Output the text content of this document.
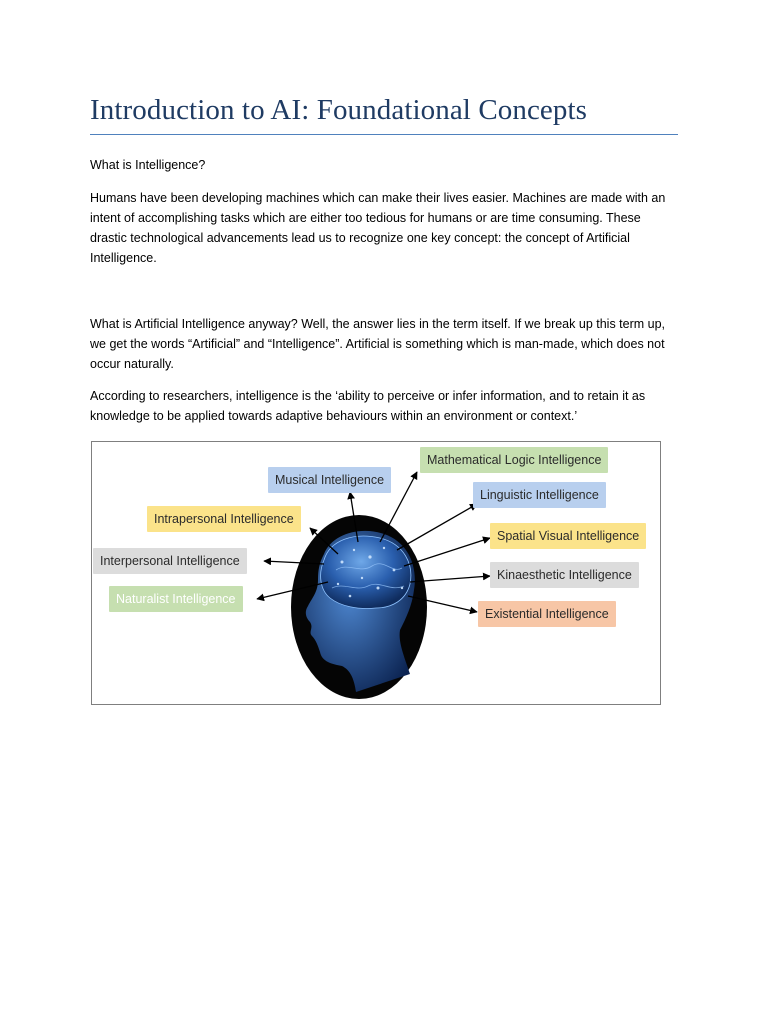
Introduction to AI: Foundational Concepts

What is Intelligence?

Humans have been developing machines which can make their lives easier. Machines are made with an intent of accomplishing tasks which are either too tedious for humans or are time consuming. These drastic technological advancements lead us to recognize one key concept: the concept of Artificial Intelligence.

What is Artificial Intelligence anyway? Well, the answer lies in the term itself. If we break up this term up, we get the words “Artificial” and “Intelligence”. Artificial is something which is man-made, which does not occur naturally.

According to researchers, intelligence is the ‘ability to perceive or infer information, and to retain it as knowledge to be applied towards adaptive behaviours within an environment or context.’

Mathematical Logic Intelligence
Musical Intelligence
Linguistic Intelligence
Intrapersonal Intelligence
Spatial Visual Intelligence
Interpersonal Intelligence
Kinaesthetic Intelligence
Naturalist Intelligence
Existential Intelligence
